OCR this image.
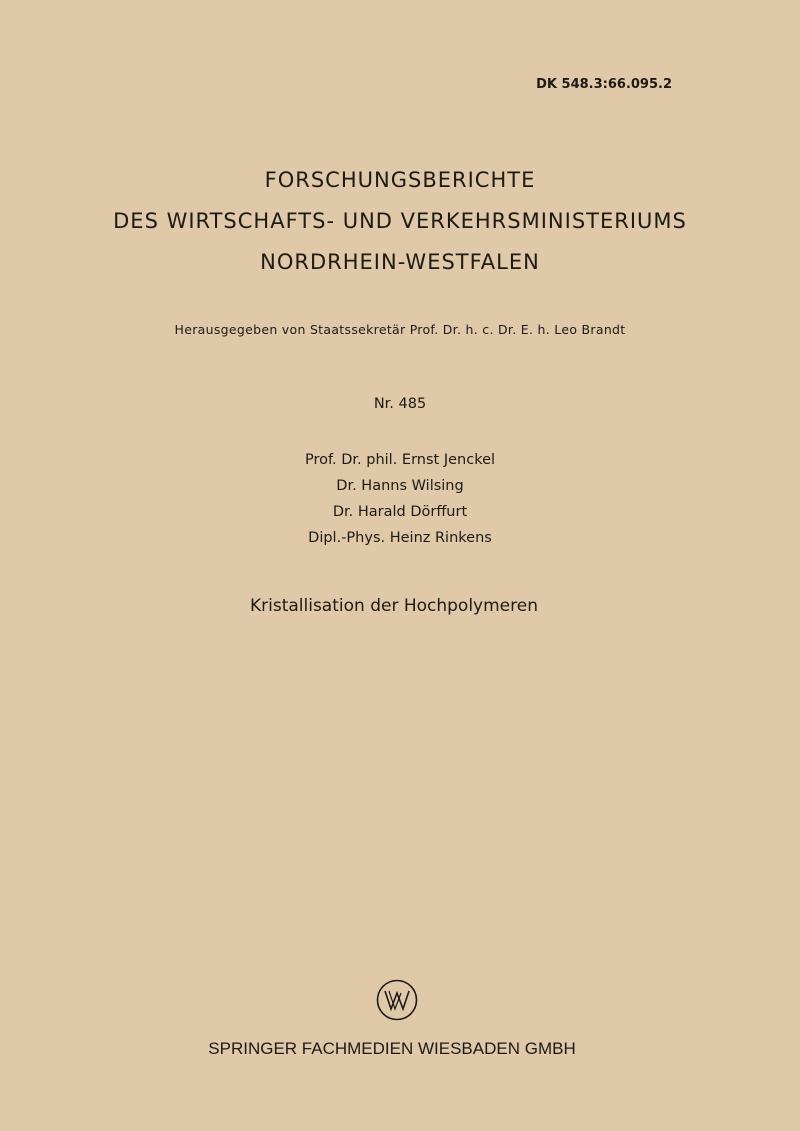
DK 548.3:66.095.2
FORSCHUNGSBERICHTE
DES WIRTSCHAFTS- UND VERKEHRSMINISTERIUMS
NORDRHEIN-WESTFALEN
Herausgegeben von Staatssekretär Prof. Dr. h. c. Dr. E. h. Leo Brandt
Nr. 485
Prof. Dr. phil. Ernst Jenckel
Dr. Hanns Wilsing
Dr. Harald Dörffurt
Dipl.-Phys. Heinz Rinkens
Kristallisation der Hochpolymeren
SPRINGER FACHMEDIEN WIESBADEN GMBH
